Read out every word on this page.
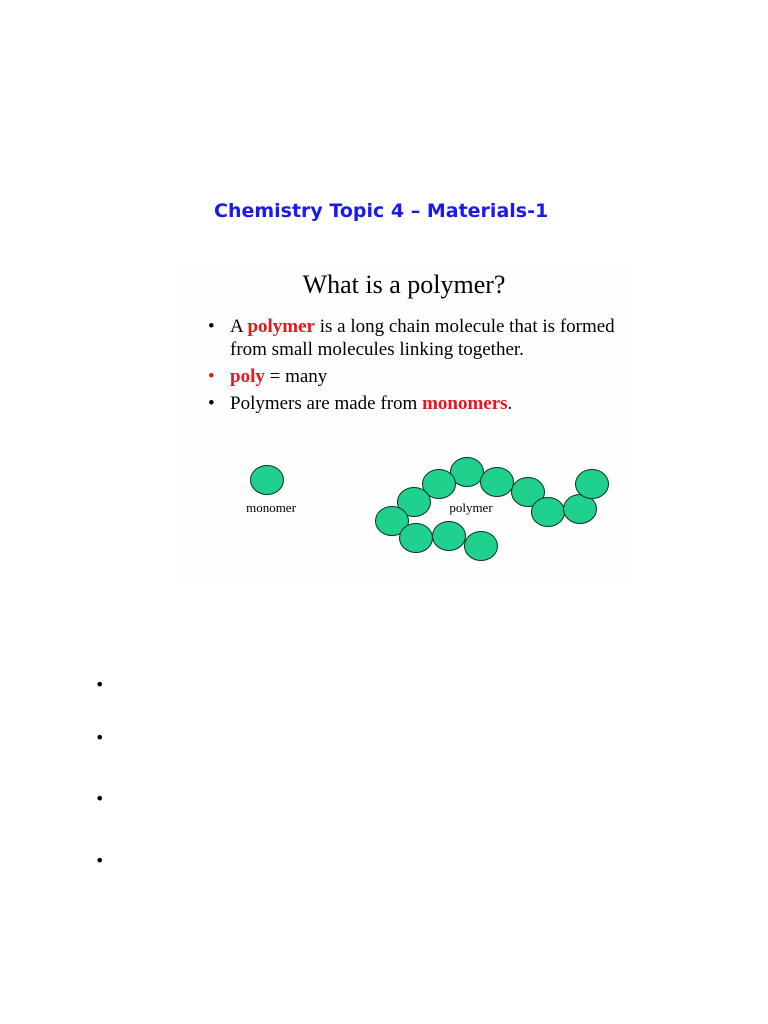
Chemistry Topic 4 – Materials-1
What is a polymer?
• A polymer is a long chain molecule that is formed from small molecules linking together.
• poly = many
• Polymers are made from monomers.
monomer	polymer
•
•
•
•
